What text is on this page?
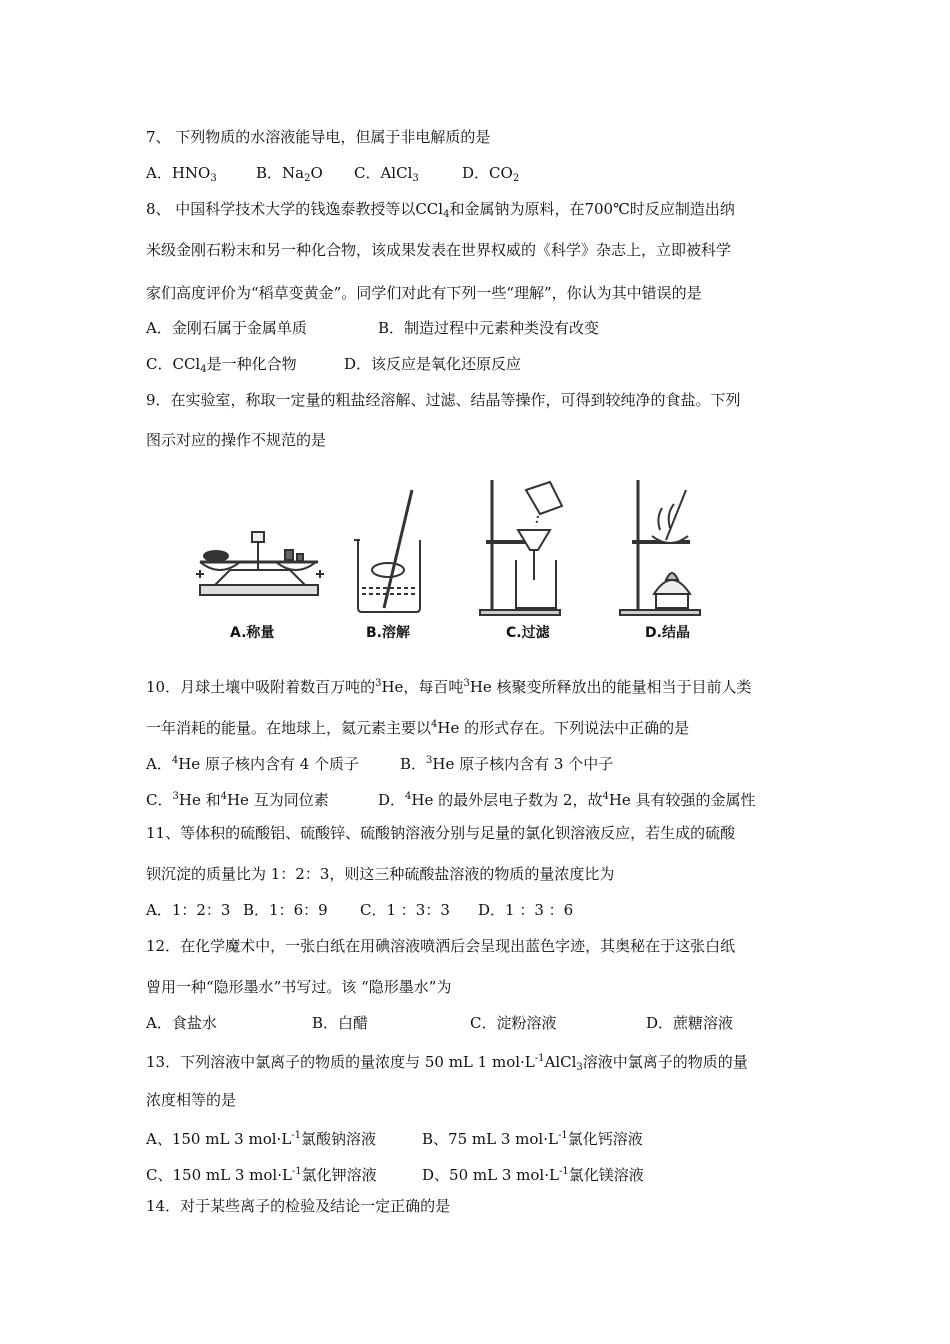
7、 下列物质的水溶液能导电，但属于非电解质的是
A．HNO3	B．Na2O C．AlCl3	D．CO2
8、 中国科学技术大学的钱逸泰教授等以CCl4和金属钠为原料，在700℃时反应制造出纳
米级金刚石粉末和另一种化合物，该成果发表在世界权威的《科学》杂志上，立即被科学
家们高度评价为“稻草变黄金”。同学们对此有下列一些“理解”，你认为其中错误的是
A．金刚石属于金属单质	B．制造过程中元素种类没有改变
C．CCl4是一种化合物	D．该反应是氧化还原反应
9．在实验室，称取一定量的粗盐经溶解、过滤、结晶等操作，可得到较纯净的食盐。下列
图示对应的操作不规范的是
A.称量	B.溶解	C.过滤	D.结晶
10．月球土壤中吸附着数百万吨的3He，每百吨3He 核聚变所释放出的能量相当于目前人类
一年消耗的能量。在地球上，氦元素主要以4He 的形式存在。下列说法中正确的是
A．4He 原子核内含有 4 个质子	B．3He 原子核内含有 3 个中子
C．3He 和4He 互为同位素	D．4He 的最外层电子数为 2，故4He 具有较强的金属性
11、等体积的硫酸铝、硫酸锌、硫酸钠溶液分别与足量的氯化钡溶液反应，若生成的硫酸
钡沉淀的质量比为 1：2：3，则这三种硫酸盐溶液的物质的量浓度比为
A．1：2：3 B．1：6：9 C．1 ：3：3 D．1 ：3 ：6
12．在化学魔术中，一张白纸在用碘溶液喷洒后会呈现出蓝色字迹，其奥秘在于这张白纸
曾用一种“隐形墨水”书写过。该 “隐形墨水”为
A．食盐水	B．白醋	C．淀粉溶液	D．蔗糖溶液
13．下列溶液中氯离子的物质的量浓度与 50 mL 1 mol·L-1AlCl3溶液中氯离子的物质的量
浓度相等的是
A、150 mL 3 mol·L-1氯酸钠溶液	B、75 mL 3 mol·L-1氯化钙溶液
C、150 mL 3 mol·L-1氯化钾溶液	D、50 mL 3 mol·L-1氯化镁溶液
14．对于某些离子的检验及结论一定正确的是
